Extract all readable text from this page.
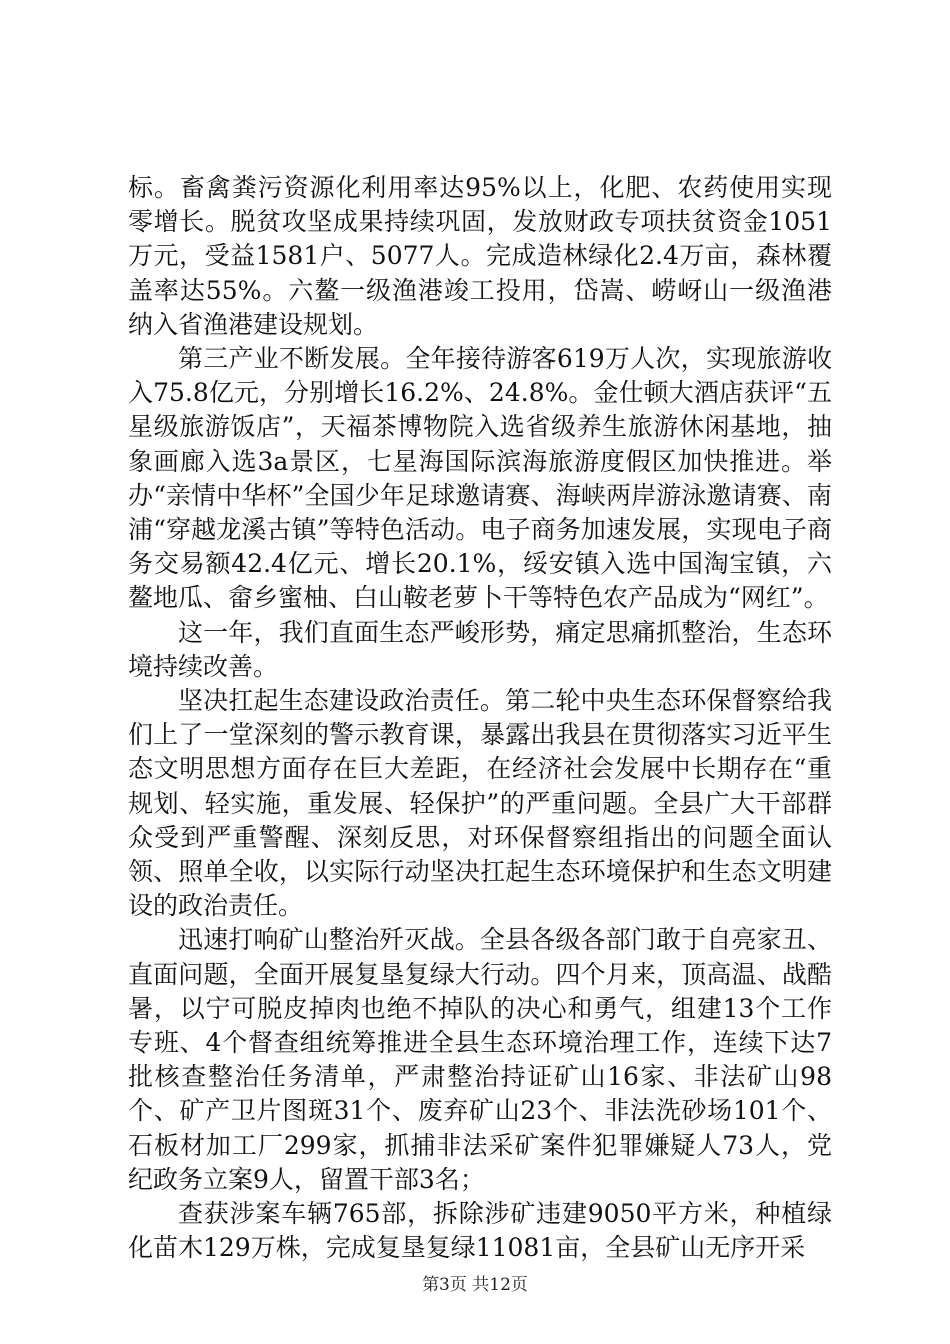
标。畜禽粪污资源化利用率达95%以上，化肥、农药使用实现零增长。脱贫攻坚成果持续巩固，发放财政专项扶贫资金1051万元，受益1581户、5077人。完成造林绿化2.4万亩，森林覆盖率达55%。六鳌一级渔港竣工投用，岱嵩、崂岈山一级渔港纳入省渔港建设规划。

第三产业不断发展。全年接待游客619万人次，实现旅游收入75.8亿元，分别增长16.2%、24.8%。金仕顿大酒店获评“五星级旅游饭店”，天福茶博物院入选省级养生旅游休闲基地，抽象画廊入选3a景区，七星海国际滨海旅游度假区加快推进。举办“亲情中华杯”全国少年足球邀请赛、海峡两岸游泳邀请赛、南浦“穿越龙溪古镇”等特色活动。电子商务加速发展，实现电子商务交易额42.4亿元、增长20.1%，绥安镇入选中国淘宝镇，六鳌地瓜、畲乡蜜柚、白山鞍老萝卜干等特色农产品成为“网红”。

这一年，我们直面生态严峻形势，痛定思痛抓整治，生态环境持续改善。

坚决扛起生态建设政治责任。第二轮中央生态环保督察给我们上了一堂深刻的警示教育课，暴露出我县在贯彻落实习近平生态文明思想方面存在巨大差距，在经济社会发展中长期存在“重规划、轻实施，重发展、轻保护”的严重问题。全县广大干部群众受到严重警醒、深刻反思，对环保督察组指出的问题全面认领、照单全收，以实际行动坚决扛起生态环境保护和生态文明建设的政治责任。

迅速打响矿山整治歼灭战。全县各级各部门敢于自亮家丑、直面问题，全面开展复垦复绿大行动。四个月来，顶高温、战酷暑，以宁可脱皮掉肉也绝不掉队的决心和勇气，组建13个工作专班、4个督查组统筹推进全县生态环境治理工作，连续下达7批核查整治任务清单，严肃整治持证矿山16家、非法矿山98个、矿产卫片图斑31个、废弃矿山23个、非法洗砂场101个、石板材加工厂299家，抓捕非法采矿案件犯罪嫌疑人73人，党纪政务立案9人，留置干部3名；

查获涉案车辆765部，拆除涉矿违建9050平方米，种植绿化苗木129万株，完成复垦复绿11081亩，全县矿山无序开采

第3页 共12页
